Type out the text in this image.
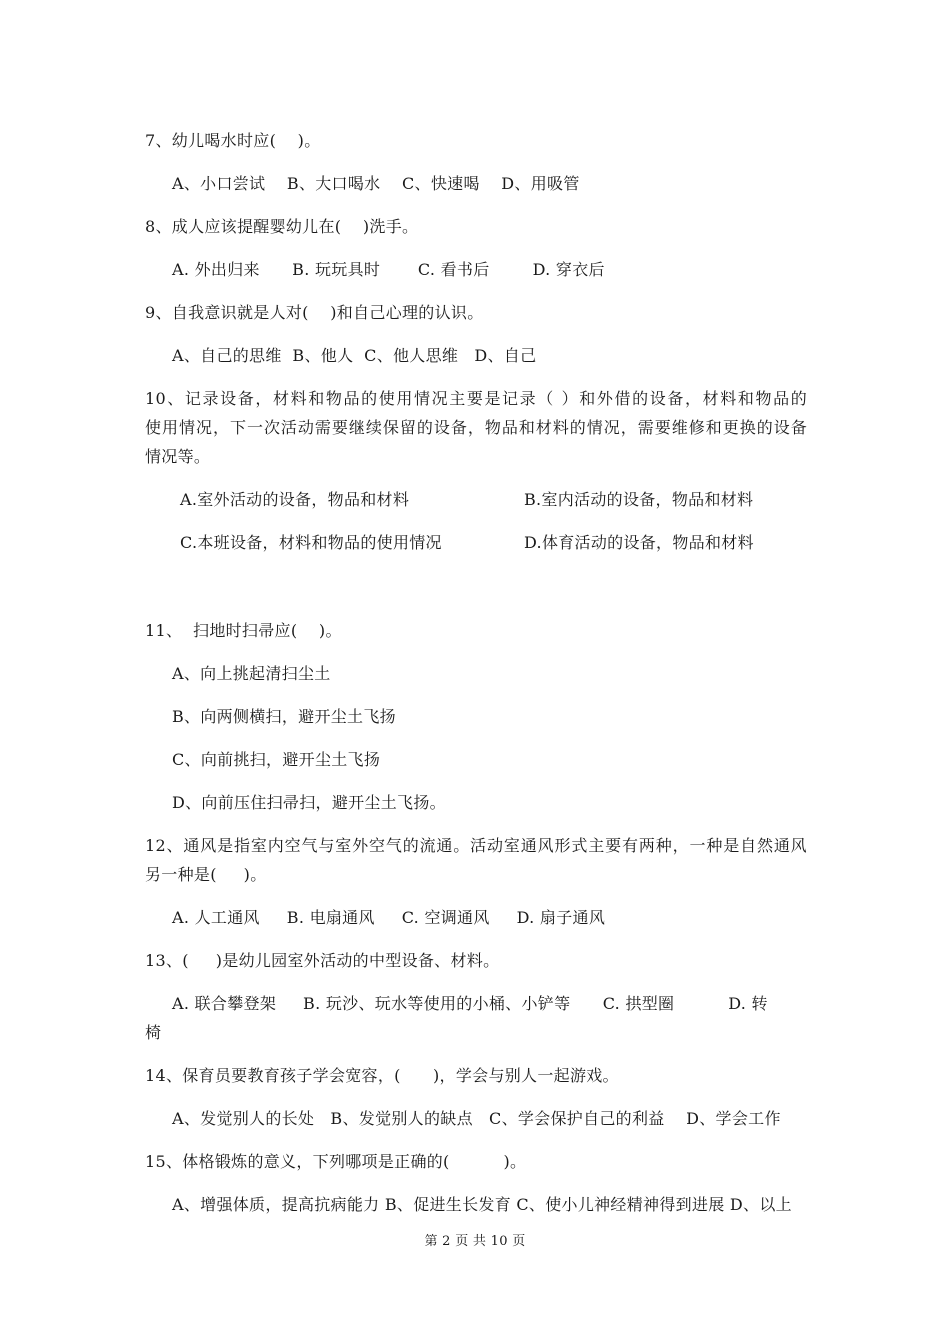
7、幼儿喝水时应(    )。
A、小口尝试    B、大口喝水    C、快速喝    D、用吸管
8、成人应该提醒婴幼儿在(    )洗手。
A. 外出归来      B. 玩玩具时       C. 看书后        D. 穿衣后
9、自我意识就是人对(    )和自己心理的认识。
A、自己的思维  B、他人  C、他人思维   D、自己
10、记录设备，材料和物品的使用情况主要是记录（ ）和外借的设备，材料和物品的
使用情况，下一次活动需要继续保留的设备，物品和材料的情况，需要维修和更换的设备
情况等。
A.室外活动的设备，物品和材料	B.室内活动的设备，物品和材料
C.本班设备，材料和物品的使用情况	D.体育活动的设备，物品和材料
11、  扫地时扫帚应(    )。
A、向上挑起清扫尘土
B、向两侧横扫，避开尘土飞扬
C、向前挑扫，避开尘土飞扬
D、向前压住扫帚扫，避开尘土飞扬。
12、通风是指室内空气与室外空气的流通。活动室通风形式主要有两种，一种是自然通风
另一种是(     )。
A. 人工通风     B. 电扇通风     C. 空调通风     D. 扇子通风
13、(     )是幼儿园室外活动的中型设备、材料。
A. 联合攀登架     B. 玩沙、玩水等使用的小桶、小铲等      C. 拱型圈          D. 转
椅
14、保育员要教育孩子学会宽容，(      )，学会与别人一起游戏。
A、发觉别人的长处   B、发觉别人的缺点   C、学会保护自己的利益    D、学会工作
15、体格锻炼的意义，下列哪项是正确的(          )。
A、增强体质，提高抗病能力 B、促进生长发育 C、使小儿神经精神得到进展 D、以上
第 2 页 共 10 页
